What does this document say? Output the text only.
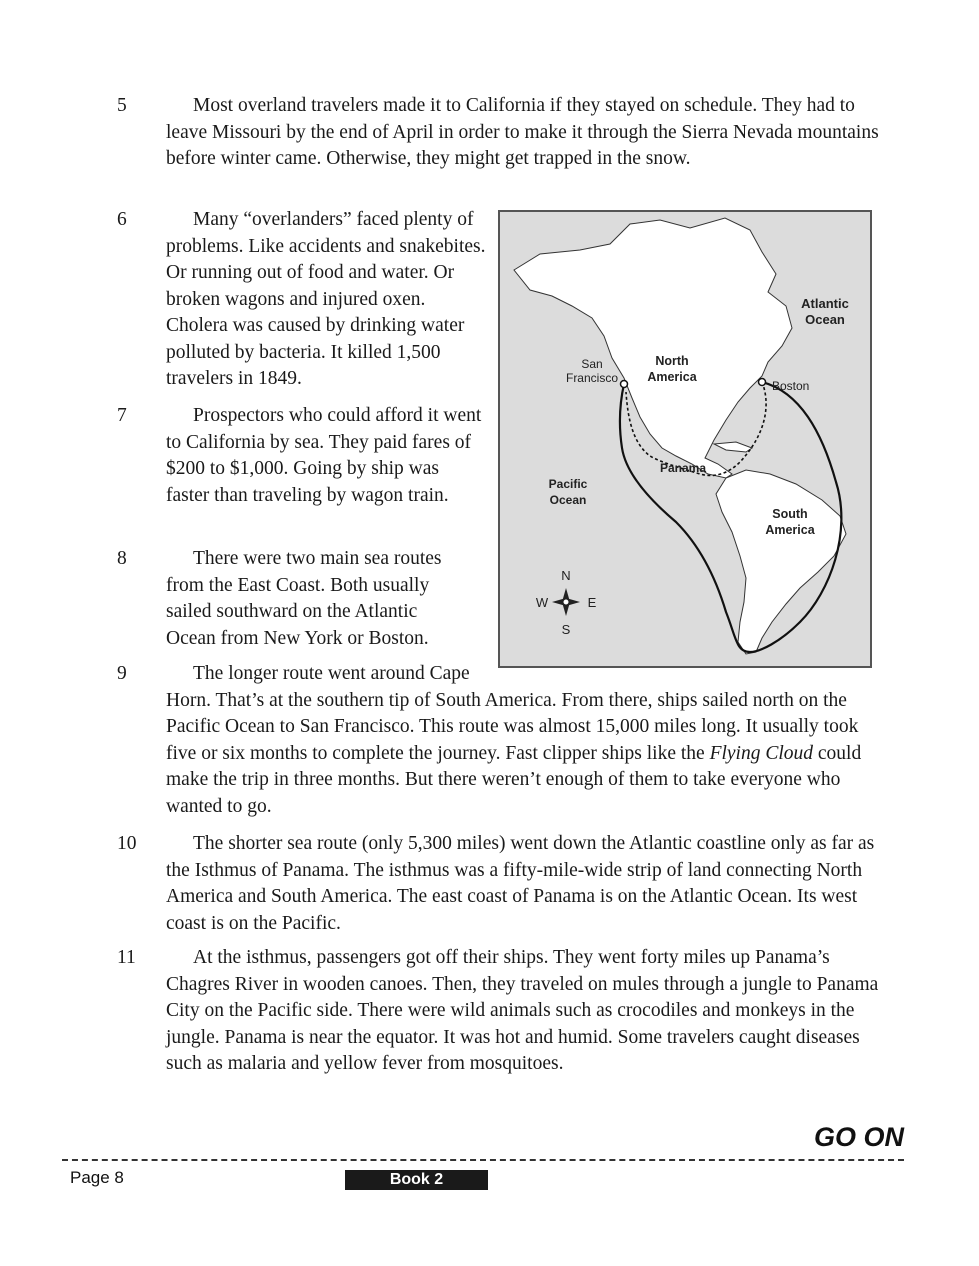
5
6
7
8
9
10
11
Most overland travelers made it to California if they stayed on schedule. They had to leave Missouri by the end of April in order to make it through the Sierra Nevada mountains before winter came. Otherwise, they might get trapped in the snow.
Many “overlanders” faced plenty of problems. Like accidents and snakebites. Or running out of food and water. Or broken wagons and injured oxen. Cholera was caused by drinking water polluted by bacteria. It killed 1,500 travelers in 1849.
Prospectors who could afford it went to California by sea. They paid fares of $200 to $1,000. Going by ship was faster than traveling by wagon train.
There were two main sea routes from the East Coast. Both usually sailed southward on the Atlantic Ocean from New York or Boston.
The longer route went around Cape Horn. That’s at the southern tip of South America. From there, ships sailed north on the Pacific Ocean to San Francisco. This route was almost 15,000 miles long. It usually took five or six months to complete the journey. Fast clipper ships like the Flying Cloud could make the trip in three months. But there weren’t enough of them to take everyone who wanted to go.
The shorter sea route (only 5,300 miles) went down the Atlantic coastline only as far as the Isthmus of Panama. The isthmus was a fifty-mile-wide strip of land connecting North America and South America. The east coast of Panama is on the Atlantic Ocean. Its west coast is on the Pacific.
At the isthmus, passengers got off their ships. They went forty miles up Panama’s Chagres River in wooden canoes. Then, they traveled on mules through a jungle to Panama City on the Pacific side. There were wild animals such as crocodiles and monkeys in the jungle. Panama is near the equator. It was hot and humid. Some travelers caught diseases such as malaria and yellow fever from mosquitoes.
Atlantic
Ocean
Pacific
Ocean
North
America
South
America
San
Francisco
Boston
Panama
N
S
E
W
GO ON
Page 8	Book 2
